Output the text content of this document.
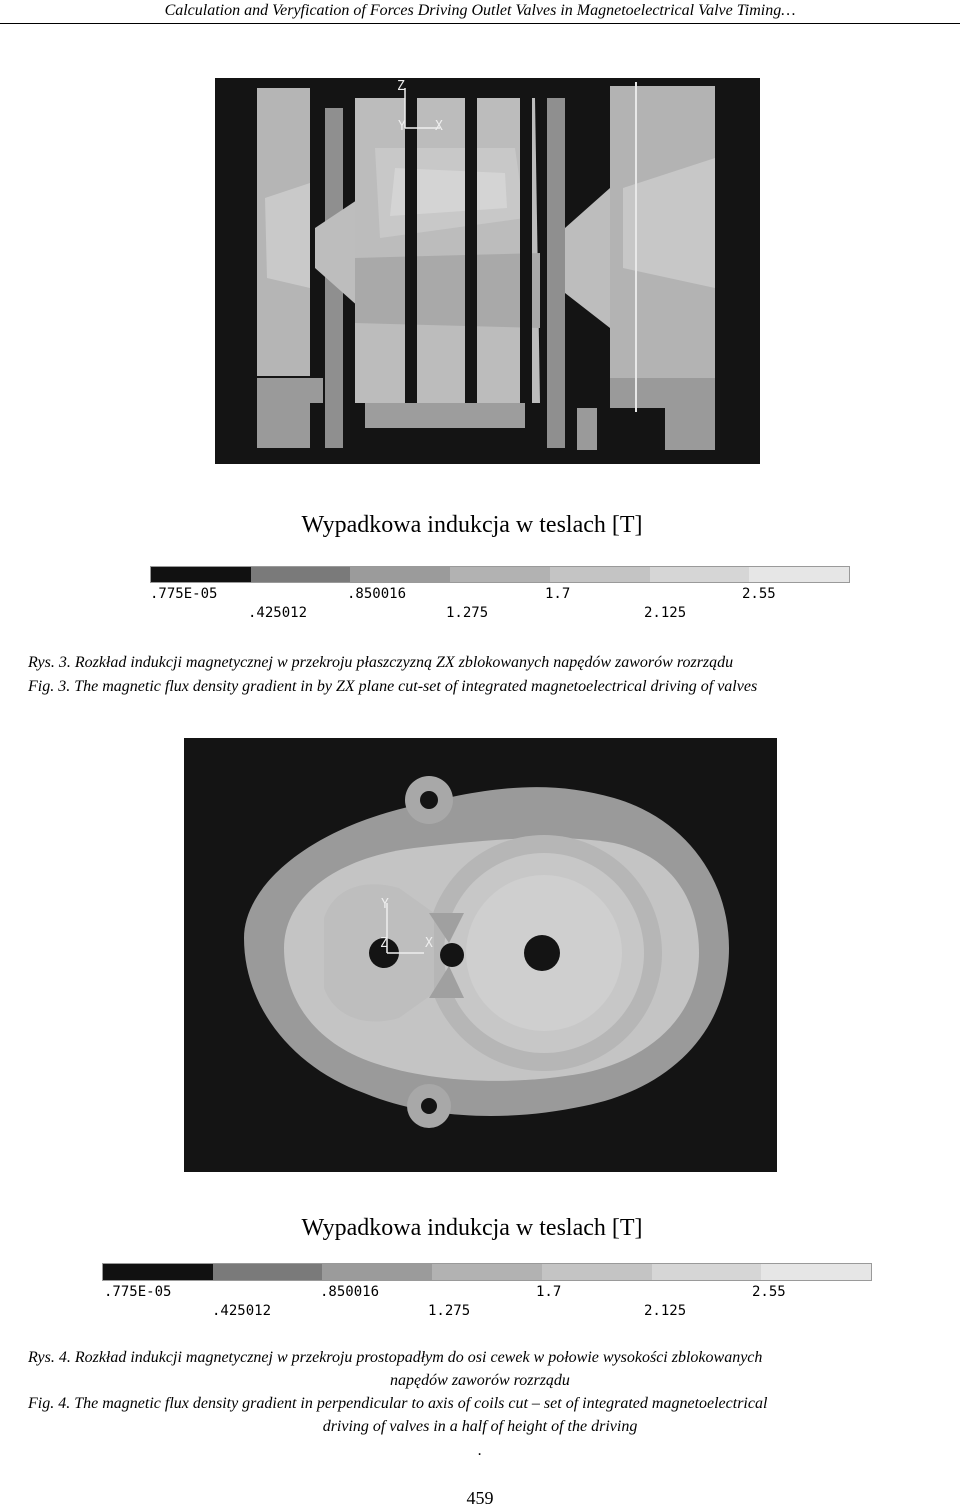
Calculation and Veryfication of Forces Driving Outlet Valves in Magnetoelectrical Valve Timing…
Z
Y X
Wypadkowa indukcja w teslach [T]
.775E-05	.850016	1.7	2.55
.425012	1.275	2.125
Rys. 3. Rozkład indukcji magnetycznej w przekroju płaszczyzną ZX zblokowanych napędów zaworów rozrządu
Fig. 3. The magnetic flux density gradient in by ZX plane cut-set of integrated magnetoelectrical driving of valves
Y
Z	X
Wypadkowa indukcja w teslach [T]
.775E-05	.850016	1.7	2.55
.425012	1.275	2.125
Rys. 4. Rozkład indukcji magnetycznej w przekroju prostopadłym do osi cewek w połowie wysokości zblokowanych
napędów zaworów rozrządu
Fig. 4. The magnetic flux density gradient in perpendicular to axis of coils cut – set of integrated magnetoelectrical
driving of valves in a half of height of the driving
.
459
